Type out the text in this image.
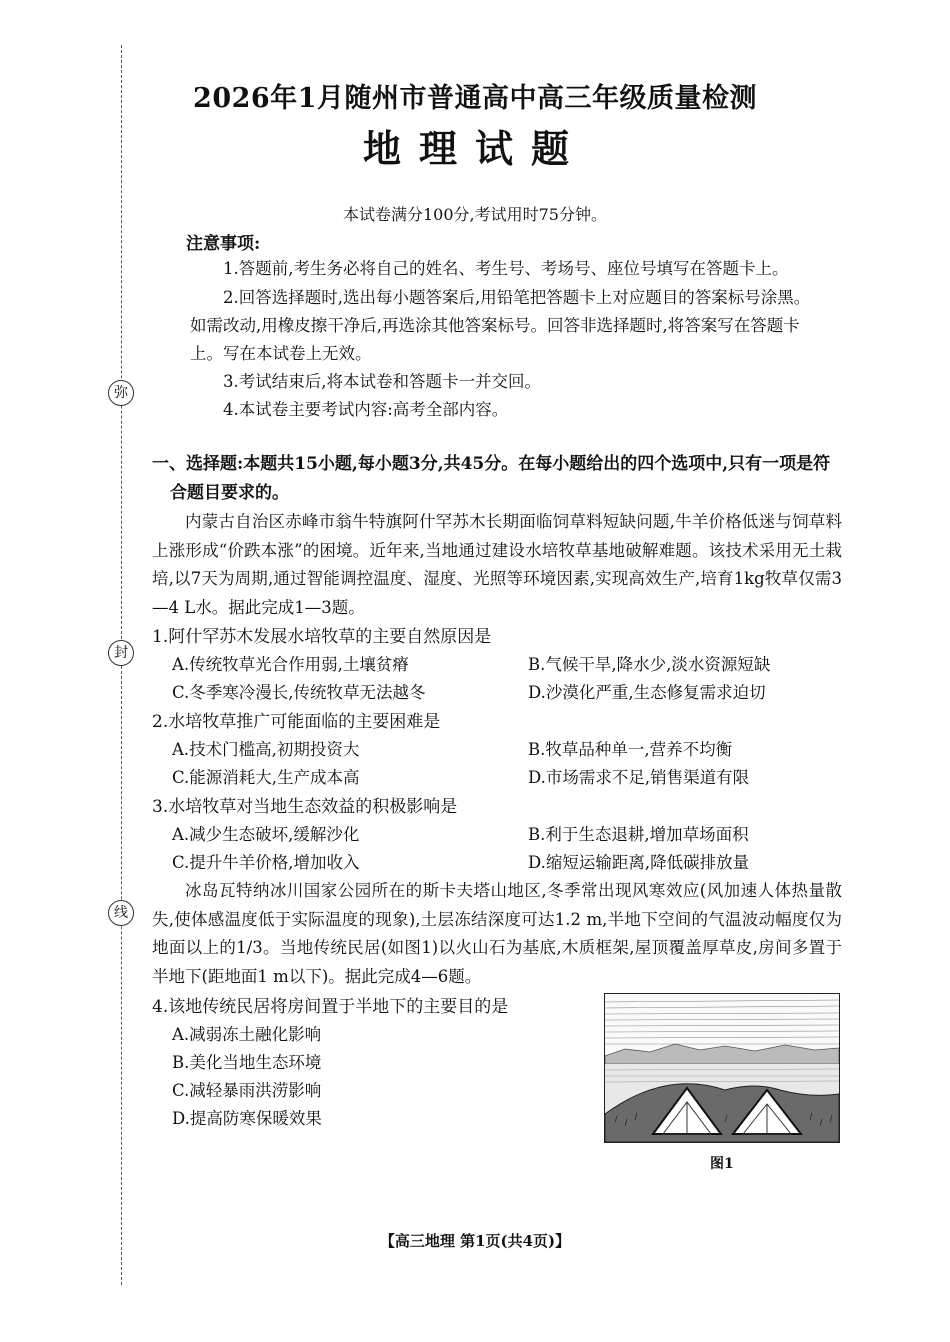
弥
封
线
2026年1月随州市普通高中高三年级质量检测
地理试题
本试卷满分100分,考试用时75分钟。
注意事项:
1.答题前,考生务必将自己的姓名、考生号、考场号、座位号填写在答题卡上。
2.回答选择题时,选出每小题答案后,用铅笔把答题卡上对应题目的答案标号涂黑。如需改动,用橡皮擦干净后,再选涂其他答案标号。回答非选择题时,将答案写在答题卡上。写在本试卷上无效。
3.考试结束后,将本试卷和答题卡一并交回。
4.本试卷主要考试内容:高考全部内容。
一、选择题:本题共15小题,每小题3分,共45分。在每小题给出的四个选项中,只有一项是符
合题目要求的。
内蒙古自治区赤峰市翁牛特旗阿什罕苏木长期面临饲草料短缺问题,牛羊价格低迷与饲草料上涨形成“价跌本涨”的困境。近年来,当地通过建设水培牧草基地破解难题。该技术采用无土栽培,以7天为周期,通过智能调控温度、湿度、光照等环境因素,实现高效生产,培育1kg牧草仅需3—4 L水。据此完成1—3题。
1.阿什罕苏木发展水培牧草的主要自然原因是
A.传统牧草光合作用弱,土壤贫瘠	B.气候干旱,降水少,淡水资源短缺
C.冬季寒冷漫长,传统牧草无法越冬	D.沙漠化严重,生态修复需求迫切
2.水培牧草推广可能面临的主要困难是
A.技术门槛高,初期投资大	B.牧草品种单一,营养不均衡
C.能源消耗大,生产成本高	D.市场需求不足,销售渠道有限
3.水培牧草对当地生态效益的积极影响是
A.减少生态破坏,缓解沙化	B.利于生态退耕,增加草场面积
C.提升牛羊价格,增加收入	D.缩短运输距离,降低碳排放量
冰岛瓦特纳冰川国家公园所在的斯卡夫塔山地区,冬季常出现风寒效应(风加速人体热量散失,使体感温度低于实际温度的现象),土层冻结深度可达1.2 m,半地下空间的气温波动幅度仅为地面以上的1/3。当地传统民居(如图1)以火山石为基底,木质框架,屋顶覆盖厚草皮,房间多置于半地下(距地面1 m以下)。据此完成4—6题。
4.该地传统民居将房间置于半地下的主要目的是
A.减弱冻土融化影响
B.美化当地生态环境
C.减轻暴雨洪涝影响
D.提高防寒保暖效果
图1
【高三地理 第1页(共4页)】
